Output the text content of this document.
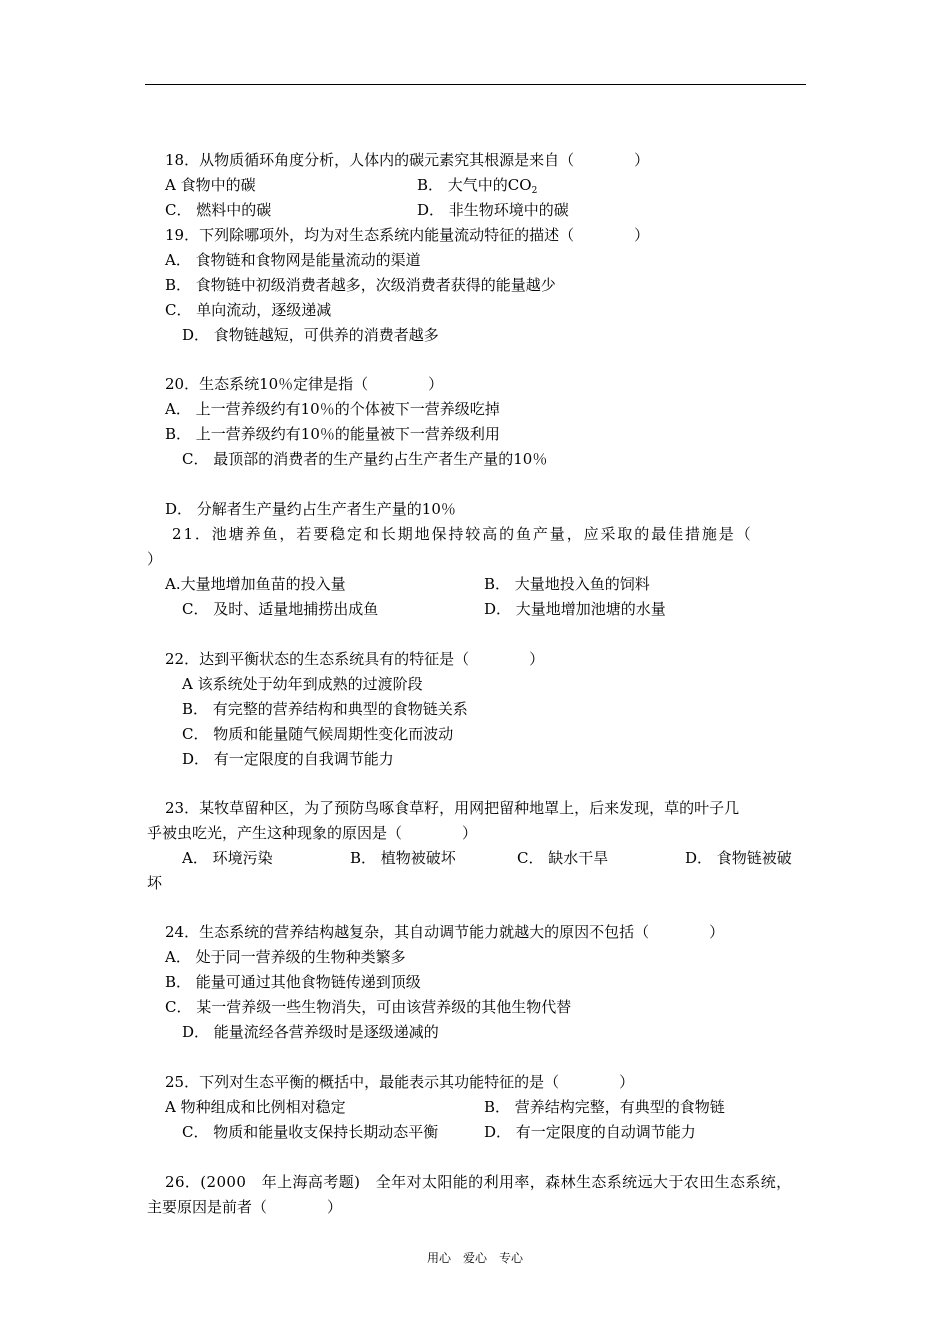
18．从物质循环角度分析，人体内的碳元素究其根源是来自（　　　　）
A 食物中的碳	B． 大气中的$CO_2$
C． 燃料中的碳	D． 非生物环境中的碳
19．下列除哪项外，均为对生态系统内能量流动特征的描述（　　　　）
A． 食物链和食物网是能量流动的渠道
B． 食物链中初级消费者越多，次级消费者获得的能量越少
C． 单向流动，逐级递减
D． 食物链越短，可供养的消费者越多
20．生态系统10％定律是指（　　　　）
A． 上一营养级约有10％的个体被下一营养级吃掉
B． 上一营养级约有10％的能量被下一营养级利用
C． 最顶部的消费者的生产量约占生产者生产量的10％
D． 分解者生产量约占生产者生产量的10％
21．池塘养鱼，若要稳定和长期地保持较高的鱼产量，应采取的最佳措施是（
）
A.大量地增加鱼苗的投入量	B． 大量地投入鱼的饲料
C． 及时、适量地捕捞出成鱼	D． 大量地增加池塘的水量
22．达到平衡状态的生态系统具有的特征是（　　　　）
A 该系统处于幼年到成熟的过渡阶段
B． 有完整的营养结构和典型的食物链关系
C． 物质和能量随气候周期性变化而波动
D． 有一定限度的自我调节能力
23．某牧草留种区，为了预防鸟啄食草籽，用网把留种地罩上，后来发现，草的叶子几
乎被虫吃光，产生这种现象的原因是（　　　　）
A． 环境污染	B． 植物被破坏	C． 缺水干旱	D． 食物链被破
坏
24．生态系统的营养结构越复杂，其自动调节能力就越大的原因不包括（　　　　）
A． 处于同一营养级的生物种类繁多
B． 能量可通过其他食物链传递到顶级
C． 某一营养级一些生物消失，可由该营养级的其他生物代替
D． 能量流经各营养级时是逐级递减的
25．下列对生态平衡的概括中，最能表示其功能特征的是（　　　　）
A 物种组成和比例相对稳定	B． 营养结构完整，有典型的食物链
C． 物质和能量收支保持长期动态平衡	D． 有一定限度的自动调节能力
26．(2000　年上海高考题)　全年对太阳能的利用率，森林生态系统远大于农田生态系统，
主要原因是前者（　　　　）
用心　爱心　专心
